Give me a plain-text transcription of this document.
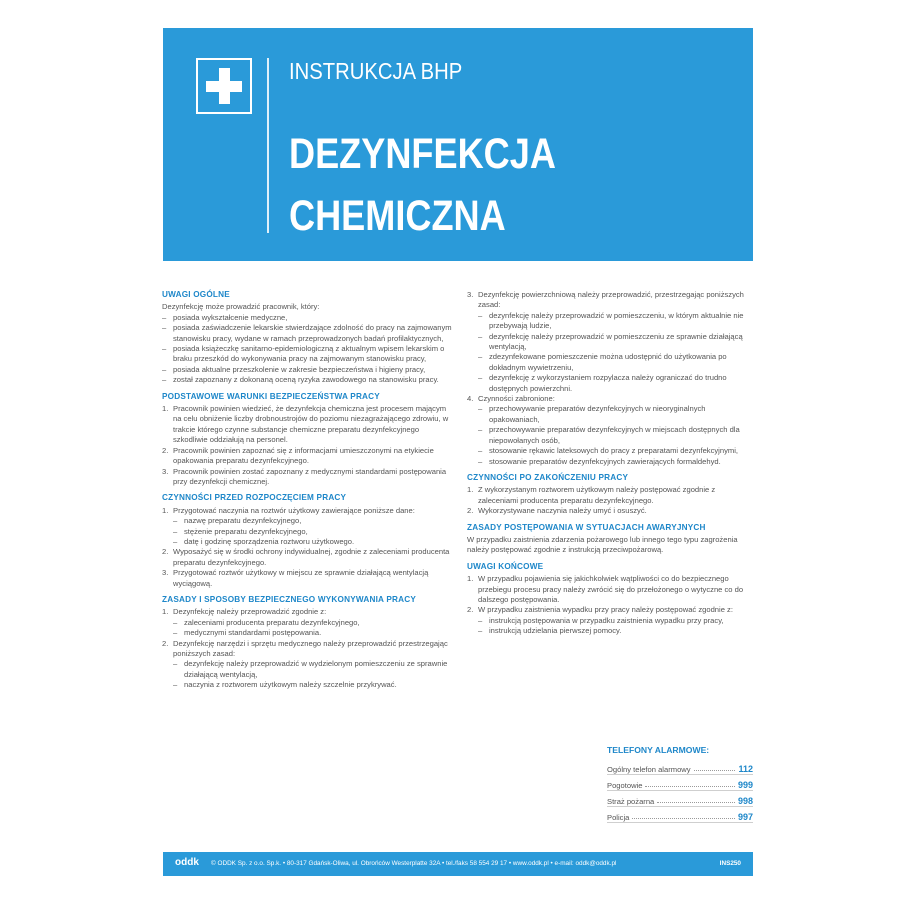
INSTRUKCJA BHP
DEZYNFEKCJA
CHEMICZNA
UWAGI OGÓLNE

Dezynfekcję może prowadzić pracownik, który:

– posiada wykształcenie medyczne,
– posiada zaświadczenie lekarskie stwierdzające zdolność do pracy na zajmowanym stanowisku pracy, wydane w ramach przeprowadzonych badań profilaktycznych,
– posiada książeczkę sanitarno-epidemiologiczną z aktualnym wpisem lekarskim o braku przeszkód do wykonywania pracy na zajmowanym stanowisku pracy,
– posiada aktualne przeszkolenie w zakresie bezpieczeństwa i higieny pracy,
– został zapoznany z dokonaną oceną ryzyka zawodowego na stanowisku pracy.
PODSTAWOWE WARUNKI BEZPIECZEŃSTWA PRACY
1. Pracownik powinien wiedzieć, że dezynfekcja chemiczna jest procesem mającym na celu obniżenie liczby drobnoustrojów do poziomu niezagrażającego zdrowiu, w trakcie którego czynne substancje chemiczne preparatu dezynfekcyjnego szkodliwie oddziałują na personel.
2. Pracownik powinien zapoznać się z informacjami umieszczonymi na etykiecie opakowania preparatu dezynfekcyjnego.
3. Pracownik powinien zostać zapoznany z medycznymi standardami postępowania przy dezynfekcji chemicznej.
CZYNNOŚCI PRZED ROZPOCZĘCIEM PRACY
1. Przygotować naczynia na roztwór użytkowy zawierające poniższe dane:
– nazwę preparatu dezynfekcyjnego,
– stężenie preparatu dezynfekcyjnego,
– datę i godzinę sporządzenia roztworu użytkowego.
2. Wyposażyć się w środki ochrony indywidualnej, zgodnie z zaleceniami producenta preparatu dezynfekcyjnego.
3. Przygotować roztwór użytkowy w miejscu ze sprawnie działającą wentylacją wyciągową.
ZASADY I SPOSOBY BEZPIECZNEGO WYKONYWANIA PRACY
1. Dezynfekcję należy przeprowadzić zgodnie z:
– zaleceniami producenta preparatu dezynfekcyjnego,
– medycznymi standardami postępowania.
2. Dezynfekcję narzędzi i sprzętu medycznego należy przeprowadzić przestrzegając poniższych zasad:
– dezynfekcję należy przeprowadzić w wydzielonym pomieszczeniu ze sprawnie działającą wentylacją,
– naczynia z roztworem użytkowym należy szczelnie przykrywać.
3. Dezynfekcję powierzchniową należy przeprowadzić, przestrzegając poniższych zasad:
– dezynfekcję należy przeprowadzić w pomieszczeniu, w którym aktualnie nie przebywają ludzie,
– dezynfekcję należy przeprowadzić w pomieszczeniu ze sprawnie działającą wentylacją,
– zdezynfekowane pomieszczenie można udostępnić do użytkowania po dokładnym wywietrzeniu,
– dezynfekcję z wykorzystaniem rozpylacza należy ograniczać do trudno dostępnych powierzchni.
4. Czynności zabronione:
– przechowywanie preparatów dezynfekcyjnych w nieoryginalnych opakowaniach,
– przechowywanie preparatów dezynfekcyjnych w miejscach dostępnych dla niepowołanych osób,
– stosowanie rękawic lateksowych do pracy z preparatami dezynfekcyjnymi,
– stosowanie preparatów dezynfekcyjnych zawierających formaldehyd.
CZYNNOŚCI PO ZAKOŃCZENIU PRACY
1. Z wykorzystanym roztworem użytkowym należy postępować zgodnie z zaleceniami producenta preparatu dezynfekcyjnego.
2. Wykorzystywane naczynia należy umyć i osuszyć.
ZASADY POSTĘPOWANIA W SYTUACJACH AWARYJNYCH

W przypadku zaistnienia zdarzenia pożarowego lub innego tego typu zagrożenia należy postępować zgodnie z instrukcją przeciwpożarową.

UWAGI KOŃCOWE
1. W przypadku pojawienia się jakichkolwiek wątpliwości co do bezpiecznego przebiegu procesu pracy należy zwrócić się do przełożonego o wytyczne co do dalszego postępowania.
2. W przypadku zaistnienia wypadku przy pracy należy postępować zgodnie z:
– instrukcją postępowania w przypadku zaistnienia wypadku przy pracy,
– instrukcją udzielania pierwszej pomocy.
TELEFONY ALARMOWE:
Ogólny telefon alarmowy	112
Pogotowie	999
Straż pożarna	998
Policja	997
oddk © ODDK Sp. z o.o. Sp.k. • 80-317 Gdańsk-Oliwa, ul. Obrońców Westerplatte 32A • tel./faks 58 554 29 17 • www.oddk.pl • e-mail: oddk@oddk.pl	INS250
